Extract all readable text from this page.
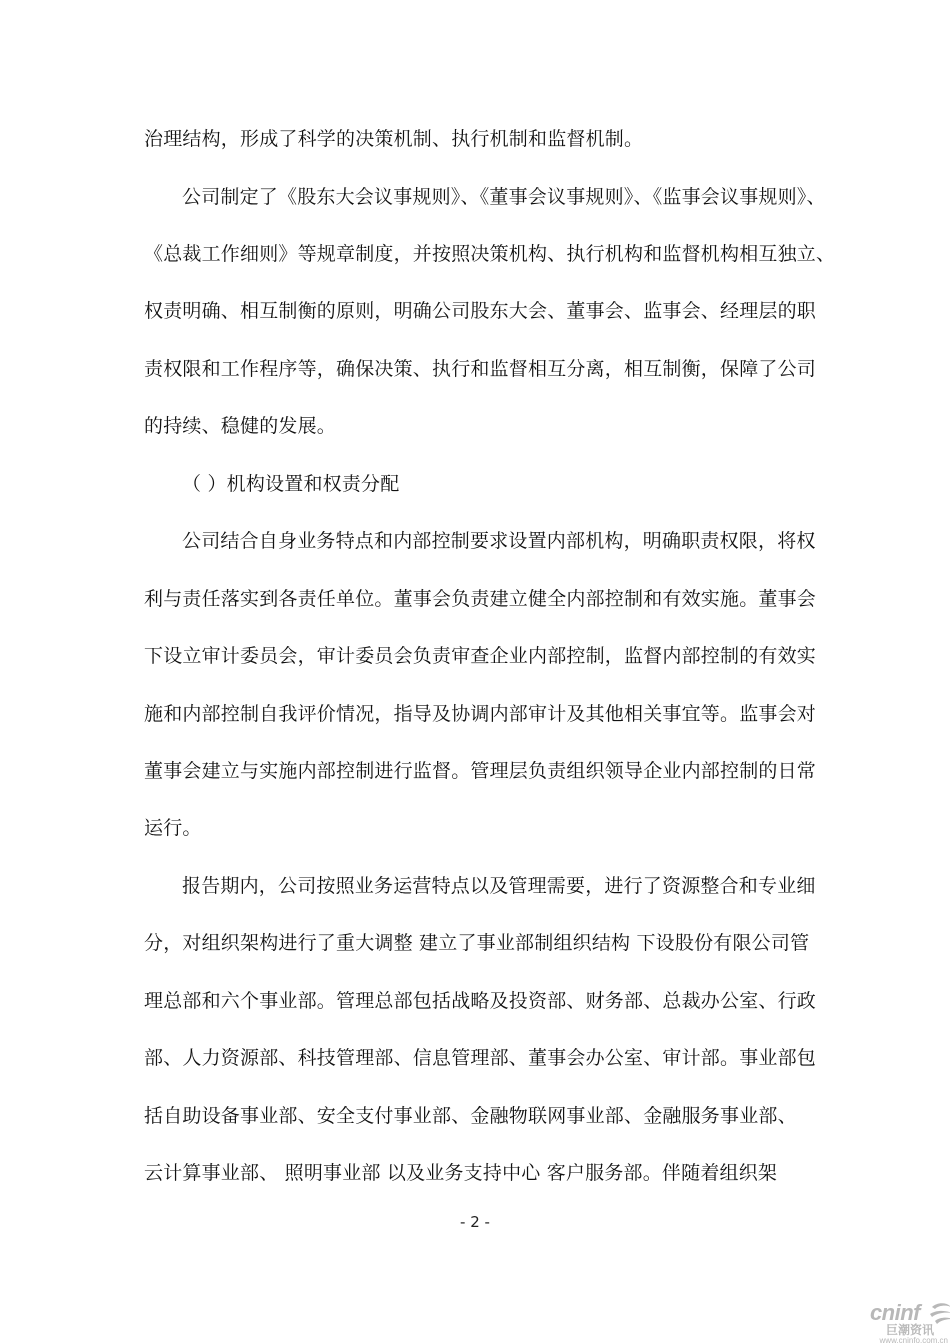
治理结构，形成了科学的决策机制、执行机制和监督机制。
公司制定了《股东大会议事规则》、《董事会议事规则》、《监事会议事规则》、
《总裁工作细则》等规章制度，并按照决策机构、执行机构和监督机构相互独立、
权责明确、相互制衡的原则，明确公司股东大会、董事会、监事会、经理层的职
责权限和工作程序等，确保决策、执行和监督相互分离，相互制衡，保障了公司
的持续、稳健的发展。
（ ）机构设置和权责分配
公司结合自身业务特点和内部控制要求设置内部机构，明确职责权限，将权
利与责任落实到各责任单位。董事会负责建立健全内部控制和有效实施。董事会
下设立审计委员会，审计委员会负责审查企业内部控制，监督内部控制的有效实
施和内部控制自我评价情况，指导及协调内部审计及其他相关事宜等。监事会对
董事会建立与实施内部控制进行监督。管理层负责组织领导企业内部控制的日常
运行。
报告期内，公司按照业务运营特点以及管理需要，进行了资源整合和专业细
分，对组织架构进行了重大调整 建立了事业部制组织结构 下设股份有限公司管
理总部和六个事业部。管理总部包括战略及投资部、财务部、总裁办公室、行政
部、人力资源部、科技管理部、信息管理部、董事会办公室、审计部。事业部包
括自助设备事业部、安全支付事业部、金融物联网事业部、金融服务事业部、
云计算事业部、 照明事业部 以及业务支持中心 客户服务部。伴随着组织架
- 2 -
cninf
巨潮资讯
www.cninfo.com.cn
